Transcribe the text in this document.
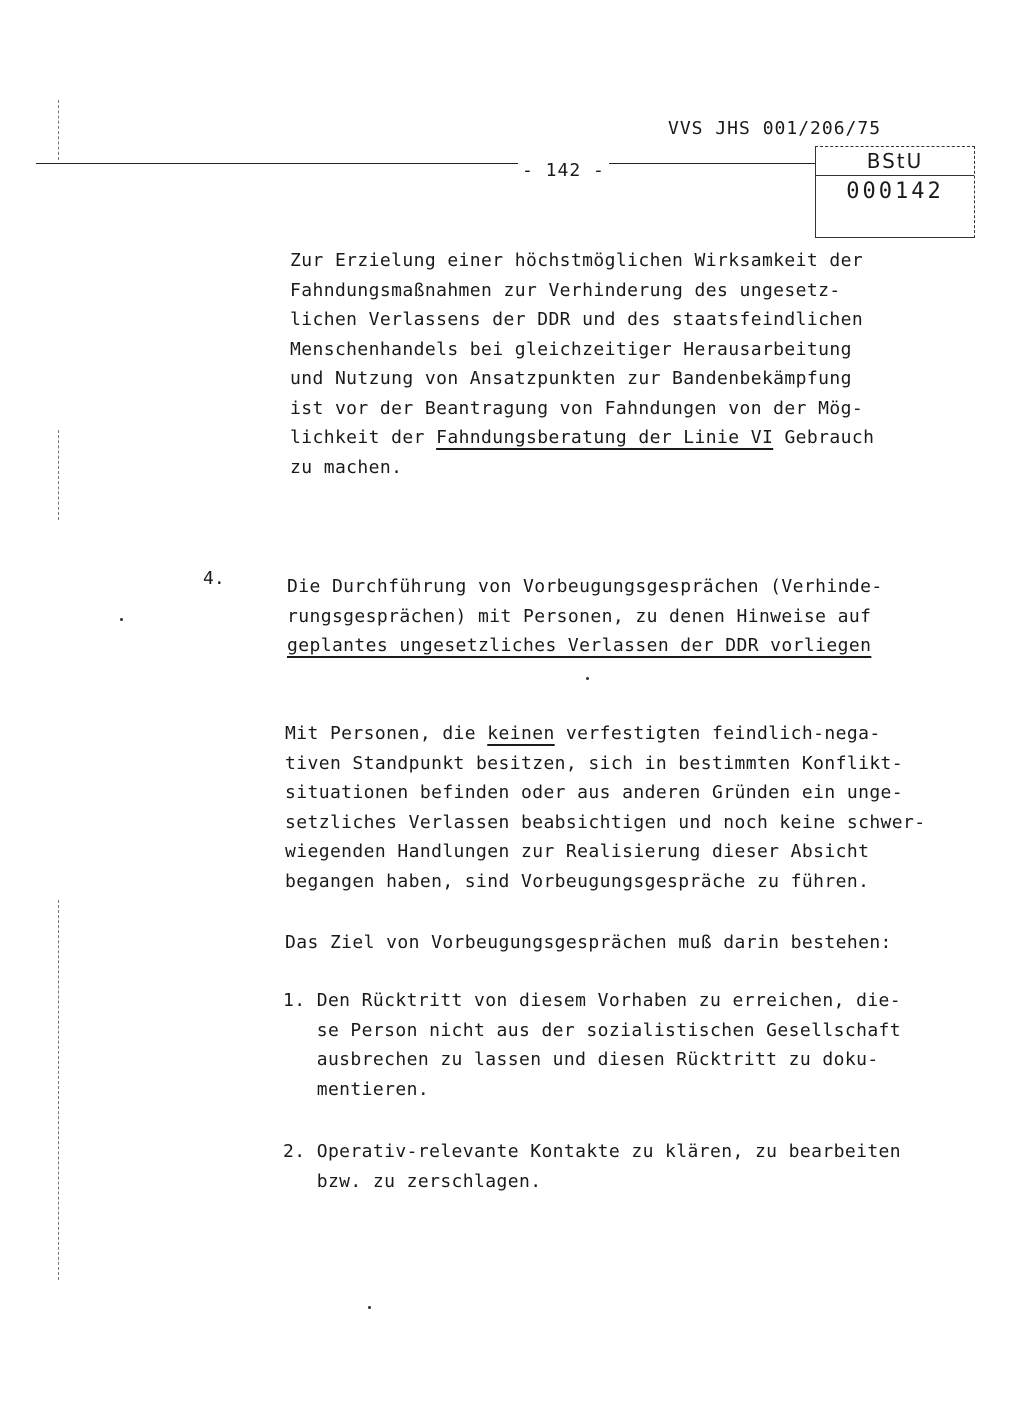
VVS JHS 001/206/75
- 142 -	BStU
000142
Zur Erzielung einer höchstmöglichen Wirksamkeit der
Fahndungsmaßnahmen zur Verhinderung des ungesetz-
lichen Verlassens der DDR und des staatsfeindlichen
Menschenhandels bei gleichzeitiger Herausarbeitung
und Nutzung von Ansatzpunkten zur Bandenbekämpfung
ist vor der Beantragung von Fahndungen von der Mög-
lichkeit der Fahndungsberatung der Linie VI Gebrauch
zu machen.
4.	Die Durchführung von Vorbeugungsgesprächen (Verhinde-
rungsgesprächen) mit Personen, zu denen Hinweise auf
geplantes ungesetzliches Verlassen der DDR vorliegen
Mit Personen, die keinen verfestigten feindlich-nega-
tiven Standpunkt besitzen, sich in bestimmten Konflikt-
situationen befinden oder aus anderen Gründen ein unge-
setzliches Verlassen beabsichtigen und noch keine schwer-
wiegenden Handlungen zur Realisierung dieser Absicht
begangen haben, sind Vorbeugungsgespräche zu führen.
Das Ziel von Vorbeugungsgesprächen muß darin bestehen:
1. Den Rücktritt von diesem Vorhaben zu erreichen, die-
se Person nicht aus der sozialistischen Gesellschaft
ausbrechen zu lassen und diesen Rücktritt zu doku-
mentieren.
2. Operativ-relevante Kontakte zu klären, zu bearbeiten
bzw. zu zerschlagen.
